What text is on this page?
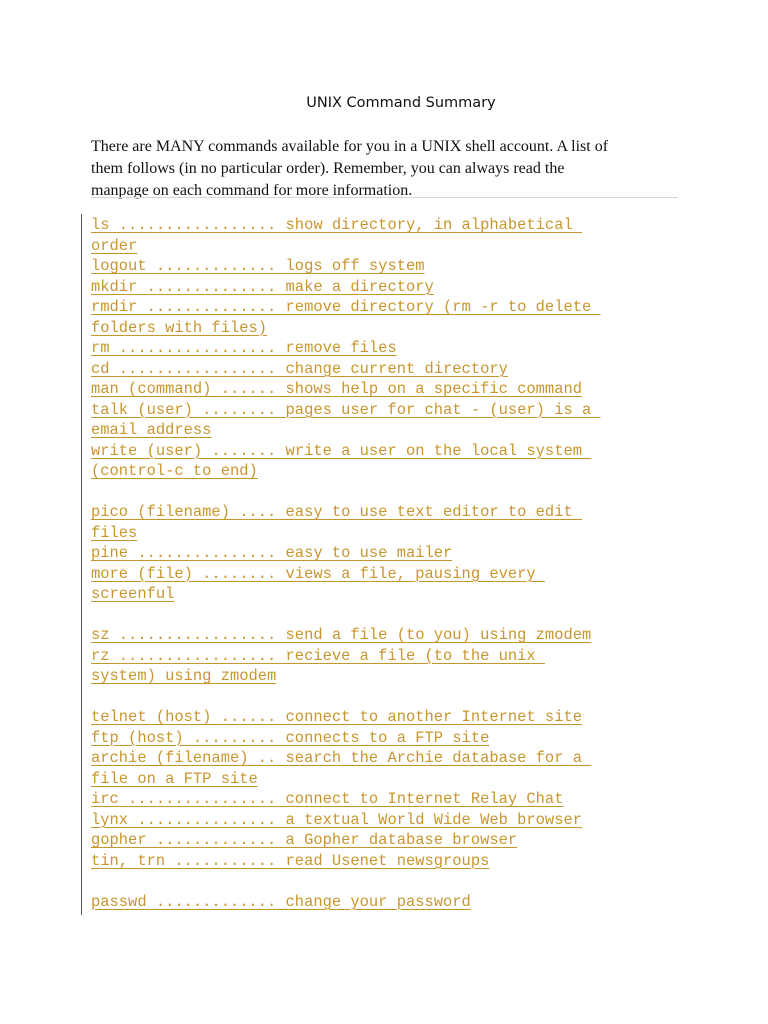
UNIX Command Summary
There are MANY commands available for you in a UNIX shell account. A list of
them follows (in no particular order). Remember, you can always read the
manpage on each command for more information.
ls ................. show directory, in alphabetical
order
logout ............. logs off system
mkdir .............. make a directory
rmdir .............. remove directory (rm -r to delete
folders with files)
rm ................. remove files
cd ................. change current directory
man (command) ...... shows help on a specific command
talk (user) ........ pages user for chat - (user) is a
email address
write (user) ....... write a user on the local system
(control-c to end)
pico (filename) .... easy to use text editor to edit
files
pine ............... easy to use mailer
more (file) ........ views a file, pausing every
screenful
sz ................. send a file (to you) using zmodem
rz ................. recieve a file (to the unix
system) using zmodem
telnet (host) ...... connect to another Internet site
ftp (host) ......... connects to a FTP site
archie (filename) .. search the Archie database for a
file on a FTP site
irc ................ connect to Internet Relay Chat
lynx ............... a textual World Wide Web browser
gopher ............. a Gopher database browser
tin, trn ........... read Usenet newsgroups
passwd ............. change your password
